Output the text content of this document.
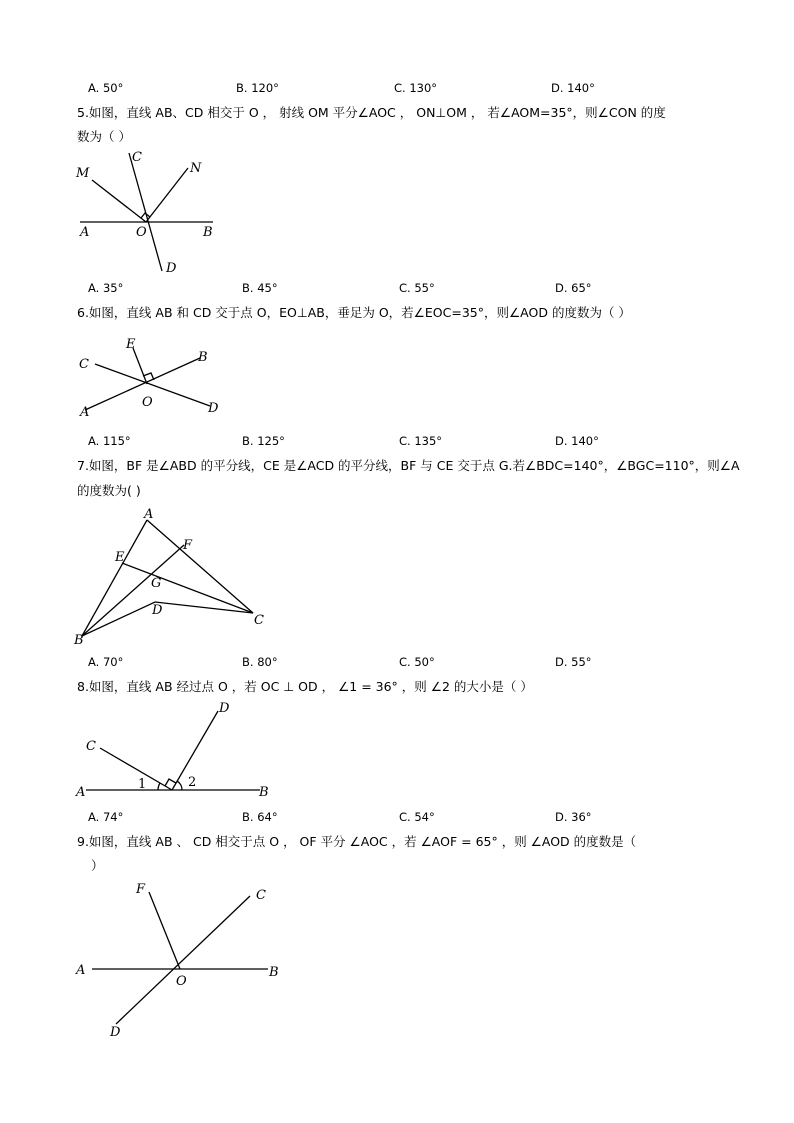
A. 50°	B. 120°	C. 130°	D. 140°
5.如图，直线 AB、CD 相交于 O ， 射线 OM 平分∠AOC ， ON⊥OM ， 若∠AOM=35°，则∠CON 的度
数为（ ）
M
C
N
A	O	B
D
A. 35°	B. 45°	C. 55°	D. 65°
6.如图，直线 AB 和 CD 交于点 O，EO⊥AB，垂足为 O，若∠EOC=35°，则∠AOD 的度数为（ ）
E
B
C
O
A	D
A. 115°	B. 125°	C. 135°	D. 140°
7.如图，BF 是∠ABD 的平分线，CE 是∠ACD 的平分线，BF 与 CE 交于点 G.若∠BDC=140°，∠BGC=110°，则∠A
的度数为( )
A
F
E
G
D
B
C
A. 70°	B. 80°	C. 50°	D. 55°
8.如图，直线 AB 经过点 O ，若 OC ⊥ OD ， ∠1 = 36° ，则 ∠2 的大小是（ ）
D
C
1	2
A	B
A. 74°	B. 64°	C. 54°	D. 36°
9.如图，直线 AB 、 CD 相交于点 O ， OF 平分 ∠AOC ，若 ∠AOF = 65° ，则 ∠AOD 的度数是（
）
F	C
A
O
B
D
